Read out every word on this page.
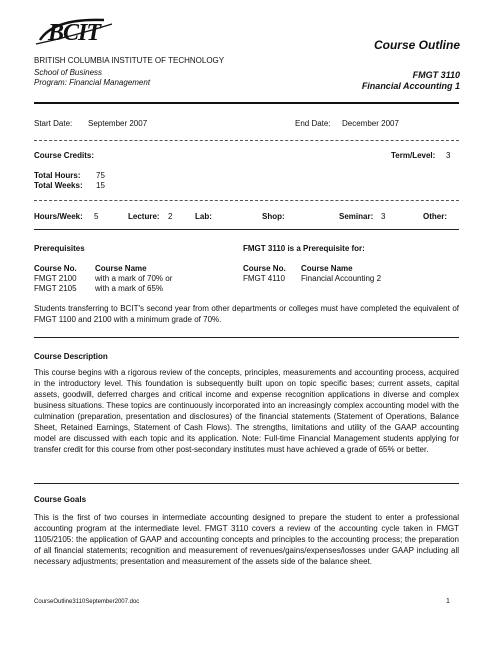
BCIT	Course Outline
BRITISH COLUMBIA INSTITUTE OF TECHNOLOGY
School of Business
Program: Financial Management
FMGT 3110
Financial Accounting 1
Start Date: September 2007	End Date: December 2007
Course Credits:	Term/Level: 3
Total Hours: 75
Total Weeks: 15
Hours/Week: 5	Lecture: 2	Lab:	Shop:	Seminar: 3	Other:
Prerequisites	FMGT 3110 is a Prerequisite for:
Course No. Course Name	Course No. Course Name
FMGT 2100 with a mark of 70% or
FMGT 2105 with a mark of 65%
FMGT 4110 Financial Accounting 2
Students transferring to BCIT's second year from other departments or colleges must have completed the equivalent of FMGT 1100 and 2100 with a minimum grade of 70%.
Course Description
This course begins with a rigorous review of the concepts, principles, measurements and accounting process, acquired in the introductory level. This foundation is subsequently built upon on topic specific bases; current assets, capital assets, goodwill, deferred charges and critical income and expense recognition applications in diverse and complex business situations. These topics are continuously incorporated into an increasingly complex accounting model with the culmination (preparation, presentation and disclosures) of the financial statements (Statement of Operations, Balance Sheet, Retained Earnings, Statement of Cash Flows). The strengths, limitations and utility of the GAAP accounting model are discussed with each topic and its application. Note: Full-time Financial Management students applying for transfer credit for this course from other post-secondary institutes must have achieved a grade of 65% or better.
Course Goals
This is the first of two courses in intermediate accounting designed to prepare the student to enter a professional accounting program at the intermediate level. FMGT 3110 covers a review of the accounting cycle taken in FMGT 1105/2105: the application of GAAP and accounting concepts and principles to the accounting process; the preparation of all financial statements; recognition and measurement of revenues/gains/expenses/losses under GAAP including all necessary adjustments; presentation and measurement of the assets side of the balance sheet.
CourseOutline3110September2007.doc	1
